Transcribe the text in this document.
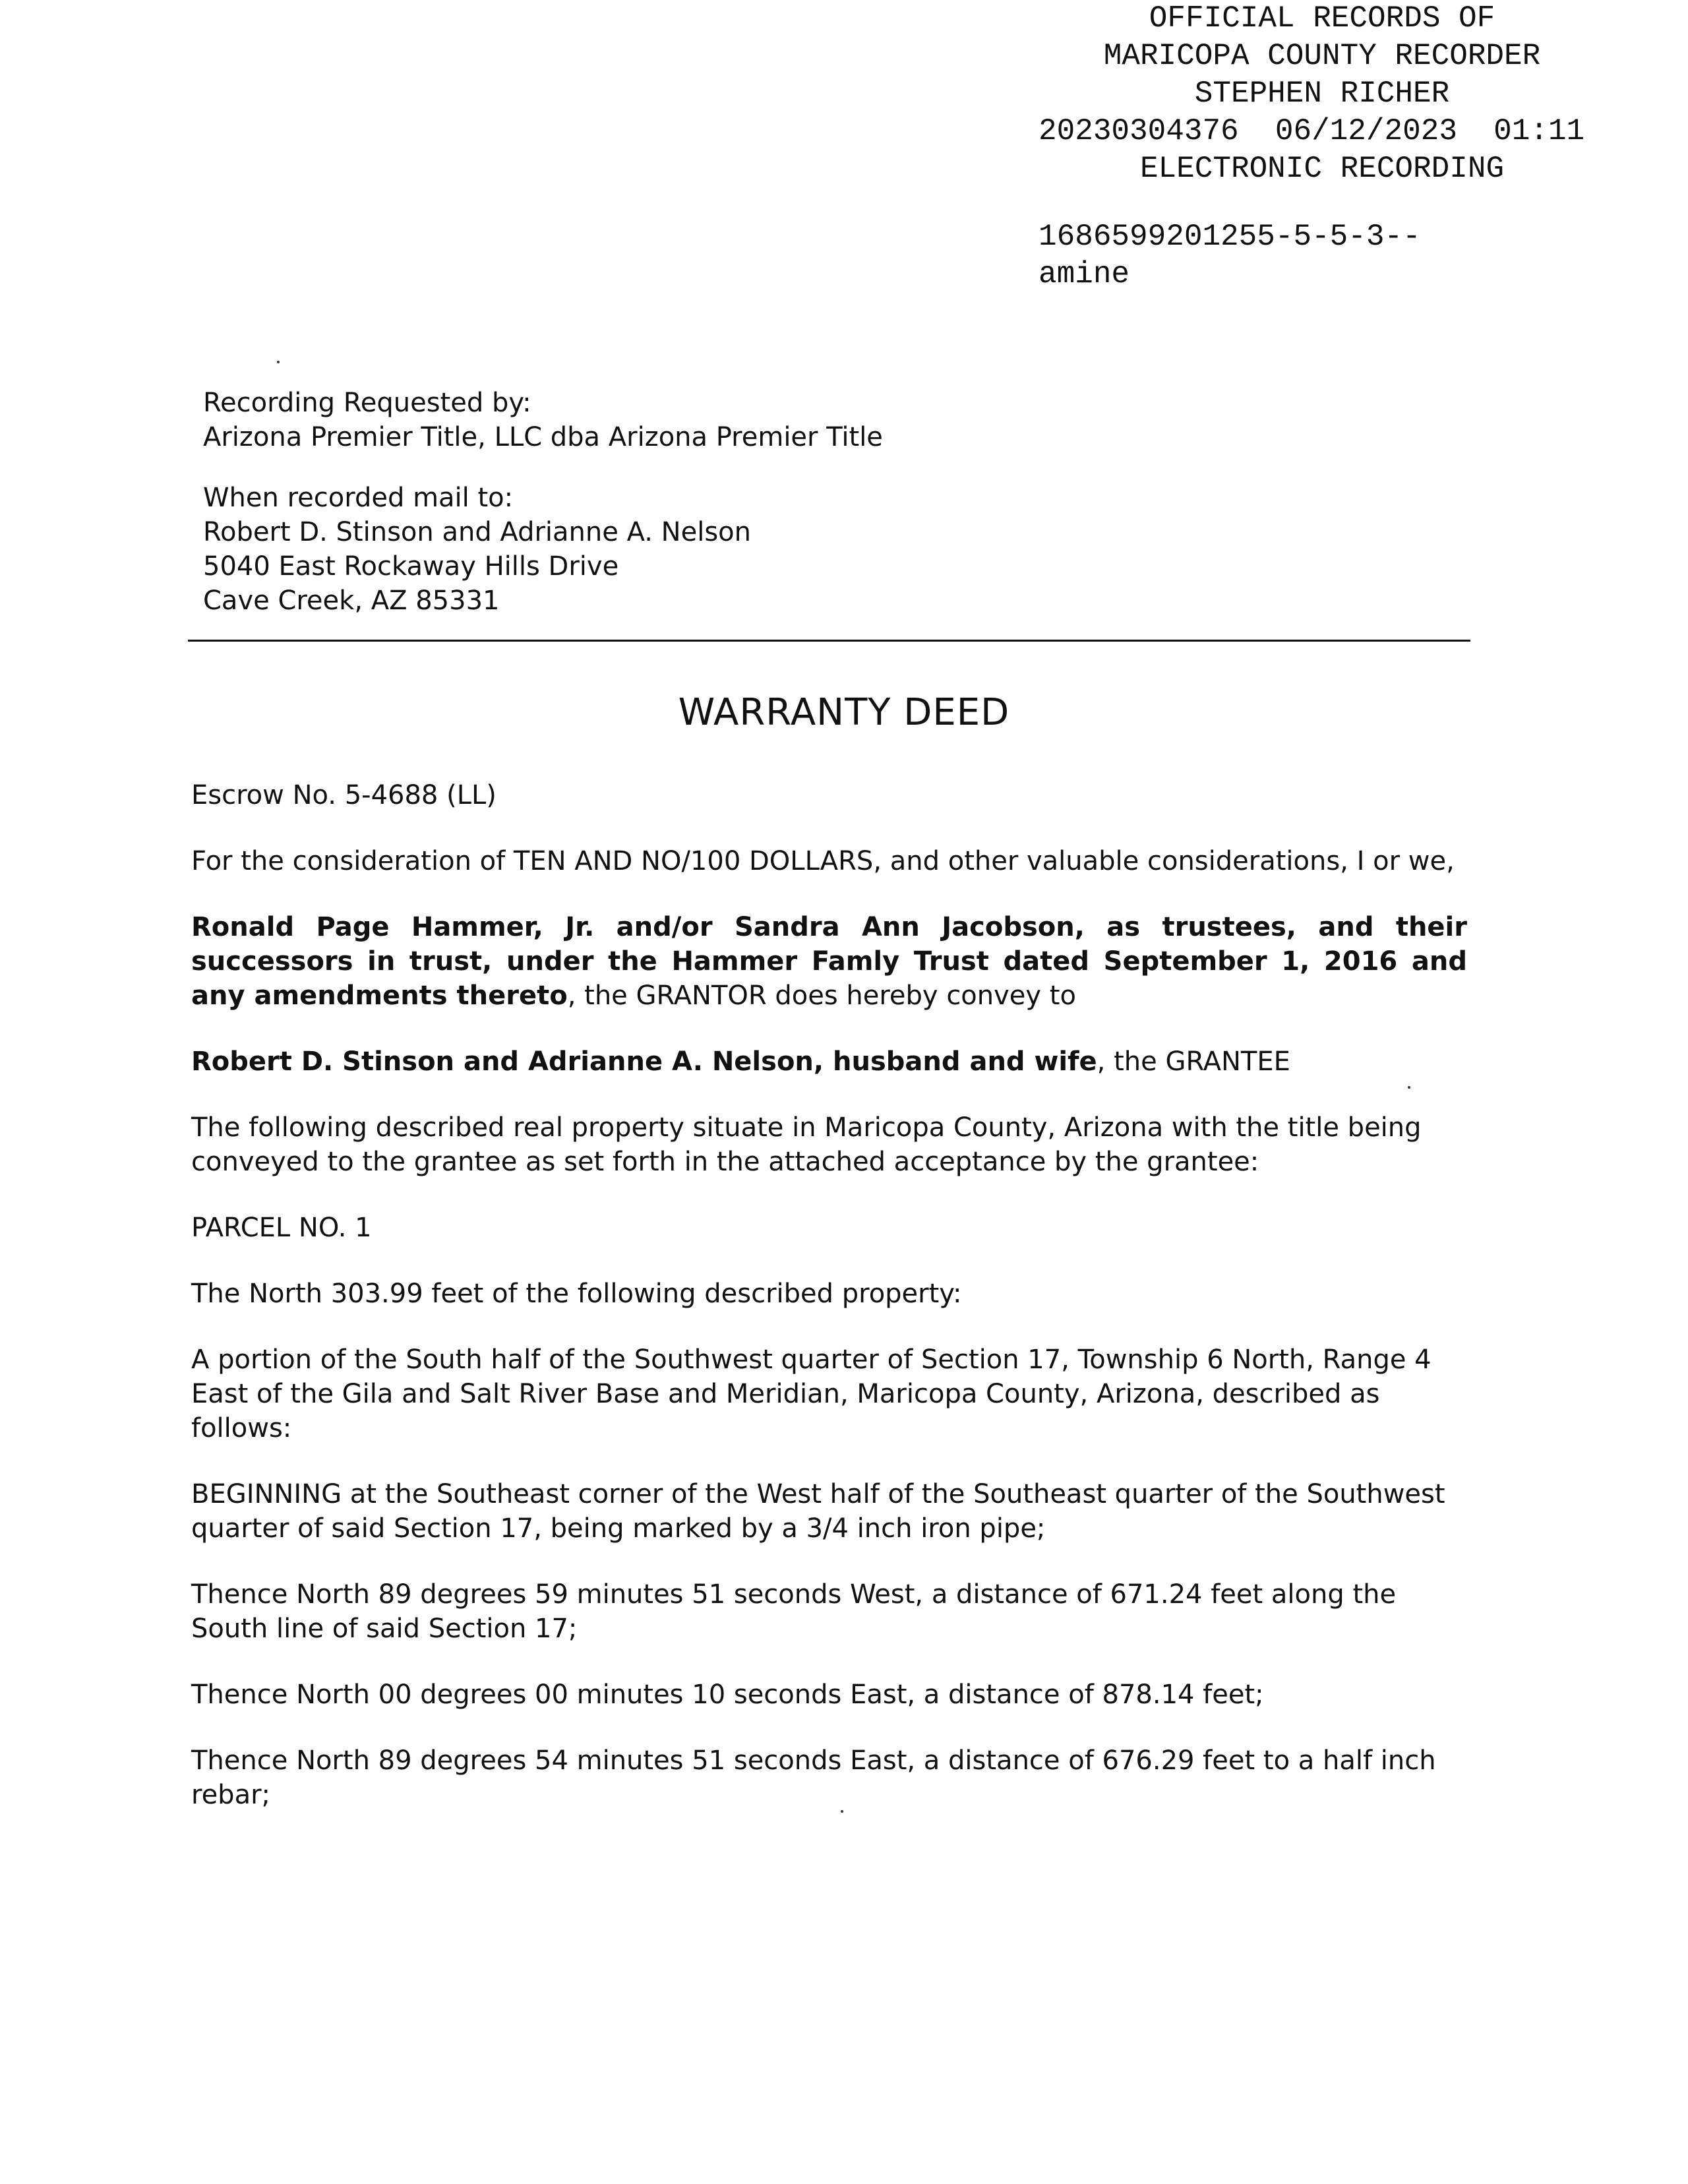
OFFICIAL RECORDS OF
MARICOPA COUNTY RECORDER
STEPHEN RICHER
20230304376 06/12/2023 01:11
ELECTRONIC RECORDING
1686599201255-5-5-3--
amine

Recording Requested by:

Arizona Premier Title, LLC dba Arizona Premier Title

When recorded mail to:

Robert D. Stinson and Adrianne A. Nelson

5040 East Rockaway Hills Drive

Cave Creek, AZ 85331

WARRANTY DEED

Escrow No. 5-4688 (LL)

For the consideration of TEN AND NO/100 DOLLARS, and other valuable considerations, I or we,

Ronald Page Hammer, Jr. and/or Sandra Ann Jacobson, as trustees, and their successors in trust, under the Hammer Famly Trust dated September 1, 2016 and any amendments thereto, the GRANTOR does hereby convey to

Robert D. Stinson and Adrianne A. Nelson, husband and wife, the GRANTEE

The following described real property situate in Maricopa County, Arizona with the title being conveyed to the grantee as set forth in the attached acceptance by the grantee:

PARCEL NO. 1

The North 303.99 feet of the following described property:

A portion of the South half of the Southwest quarter of Section 17, Township 6 North, Range 4 East of the Gila and Salt River Base and Meridian, Maricopa County, Arizona, described as follows:

BEGINNING at the Southeast corner of the West half of the Southeast quarter of the Southwest quarter of said Section 17, being marked by a 3/4 inch iron pipe;

Thence North 89 degrees 59 minutes 51 seconds West, a distance of 671.24 feet along the South line of said Section 17;

Thence North 00 degrees 00 minutes 10 seconds East, a distance of 878.14 feet;

Thence North 89 degrees 54 minutes 51 seconds East, a distance of 676.29 feet to a half inch rebar;
